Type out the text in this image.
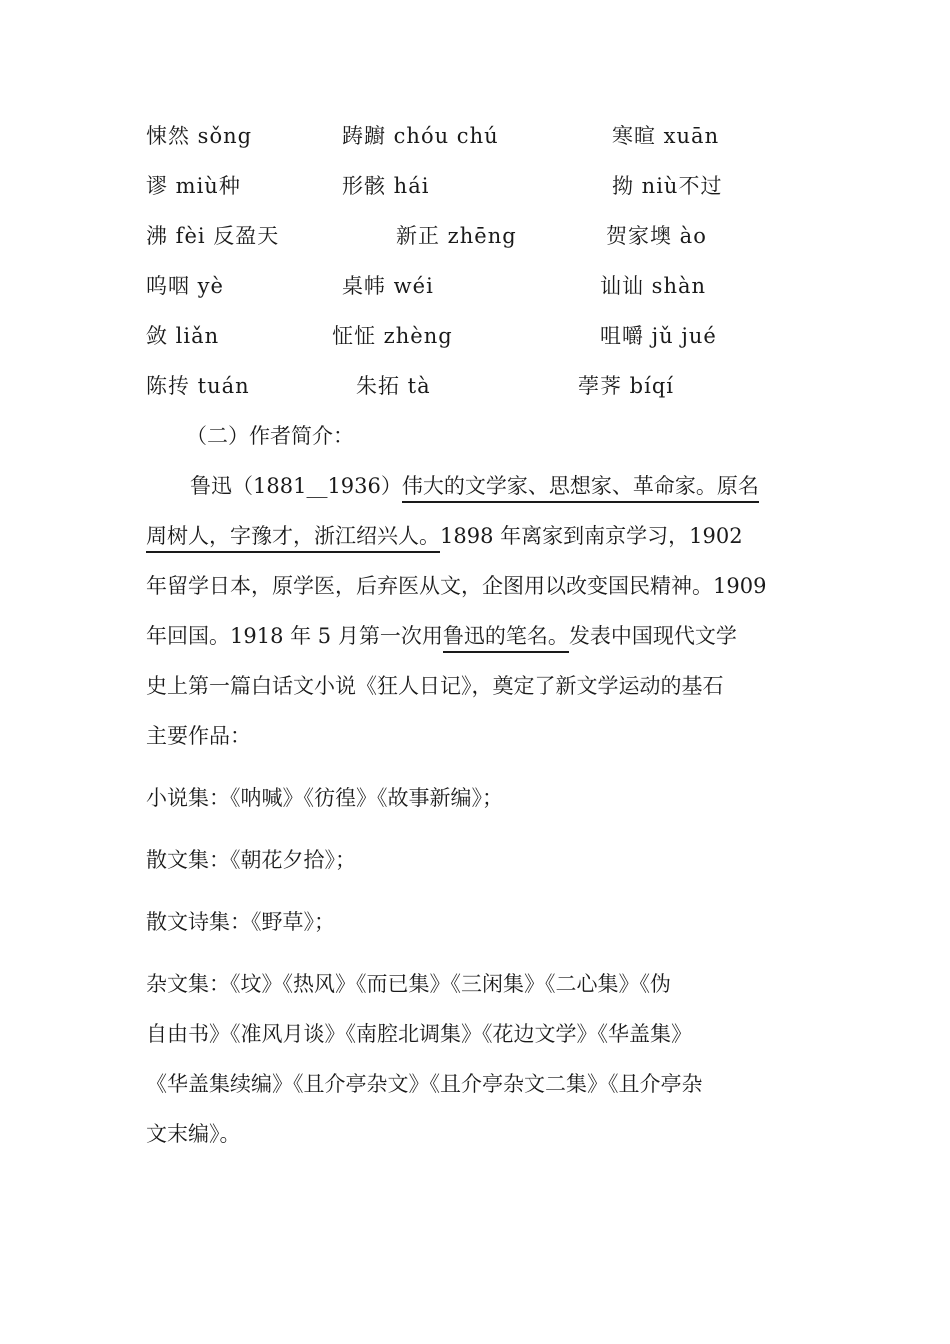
悚然 sǒng	踌躕 chóu chú	寒暄 xuān
谬 miù种	形骸 hái	拗 niù不过
沸 fèi 反盈天	新正 zhēng	贺家墺 ào
呜咽 yè	桌帏 wéi	讪讪 shàn
敛 liǎn	怔怔 zhèng	咀嚼 jǔ jué
陈抟 tuán	朱拓 tà	荸荠 bíqí
（二）作者简介：
鲁迅（1881__1936）伟大的文学家、思想家、革命家。原名
周树人，字豫才，浙江绍兴人。1898 年离家到南京学习，1902
年留学日本，原学医，后弃医从文，企图用以改变国民精神。1909
年回国。1918 年 5 月第一次用鲁迅的笔名。发表中国现代文学
史上第一篇白话文小说《狂人日记》，奠定了新文学运动的基石
主要作品：
小说集：《呐喊》《彷徨》《故事新编》；
散文集：《朝花夕拾》；
散文诗集：《野草》；
杂文集：《坟》《热风》《而已集》《三闲集》《二心集》《伪
自由书》《准风月谈》《南腔北调集》《花边文学》《华盖集》
《华盖集续编》《且介亭杂文》《且介亭杂文二集》《且介亭杂
文末编》。
